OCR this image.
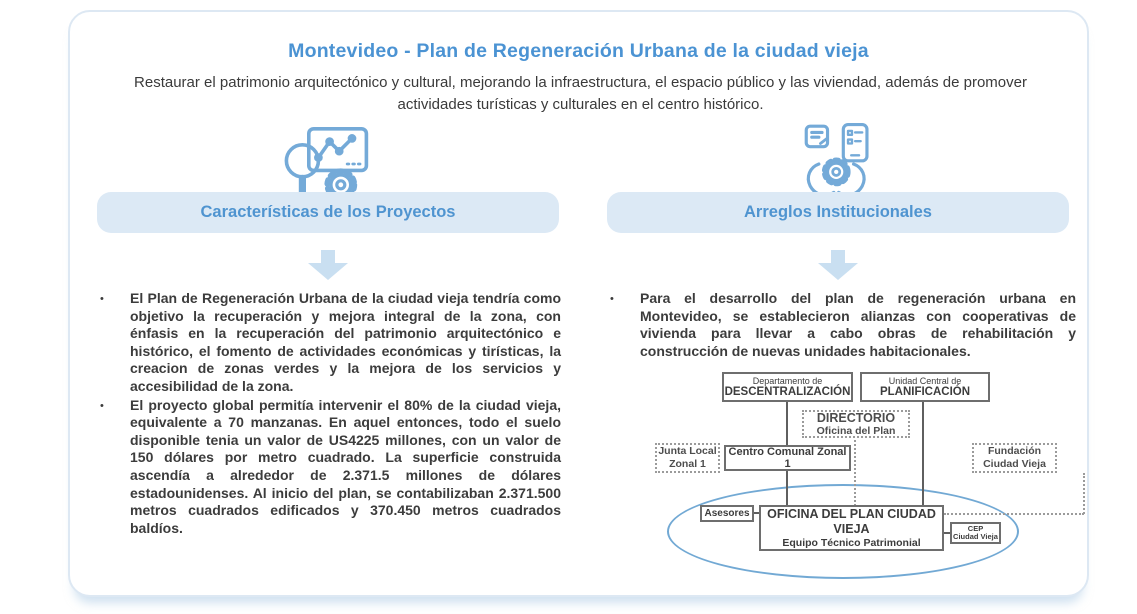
Montevideo - Plan de Regeneración Urbana de la ciudad vieja
Restaurar el patrimonio arquitectónico y cultural, mejorando la infraestructura, el espacio público y las viviendad, además de promover actividades turísticas y culturales en el centro histórico.
Características de los Proyectos	Arreglos Institucionales
•	El Plan de Regeneración Urbana de la ciudad vieja tendría como objetivo la recuperación y mejora integral de la zona, con énfasis en la recuperación del patrimonio arquitectónico e histórico, el fomento de actividades económicas y tirísticas, la creacion de zonas verdes y la mejora de los servicios y accesibilidad de la zona.
•	El proyecto global permitía intervenir el 80% de la ciudad vieja, equivalente a 70 manzanas. En aquel entonces, todo el suelo disponible tenia un valor de US4225 millones, con un valor de 150 dólares por metro cuadrado. La superficie construida ascendía a alrededor de 2.371.5 millones de dólares estadounidenses. Al inicio del plan, se contabilizaban 2.371.500 metros cuadrados edificados y 370.450 metros cuadrados baldíos.
•	Para el desarrollo del plan de regeneración urbana en Montevideo, se establecieron alianzas con cooperativas de vivienda para llevar a cabo obras de rehabilitación y construcción de nuevas unidades habitacionales.
Departamento de
DESCENTRALIZACIÓN
Unidad Central de
PLANIFICACIÓN
DIRECTORIO
Oficina del Plan
Junta Local
Zonal 1
Centro Comunal Zonal 1
Fundación
Ciudad Vieja
Asesores	OFICINA DEL PLAN CIUDAD VIEJA
Equipo Técnico Patrimonial
CEP
Ciudad Vieja
